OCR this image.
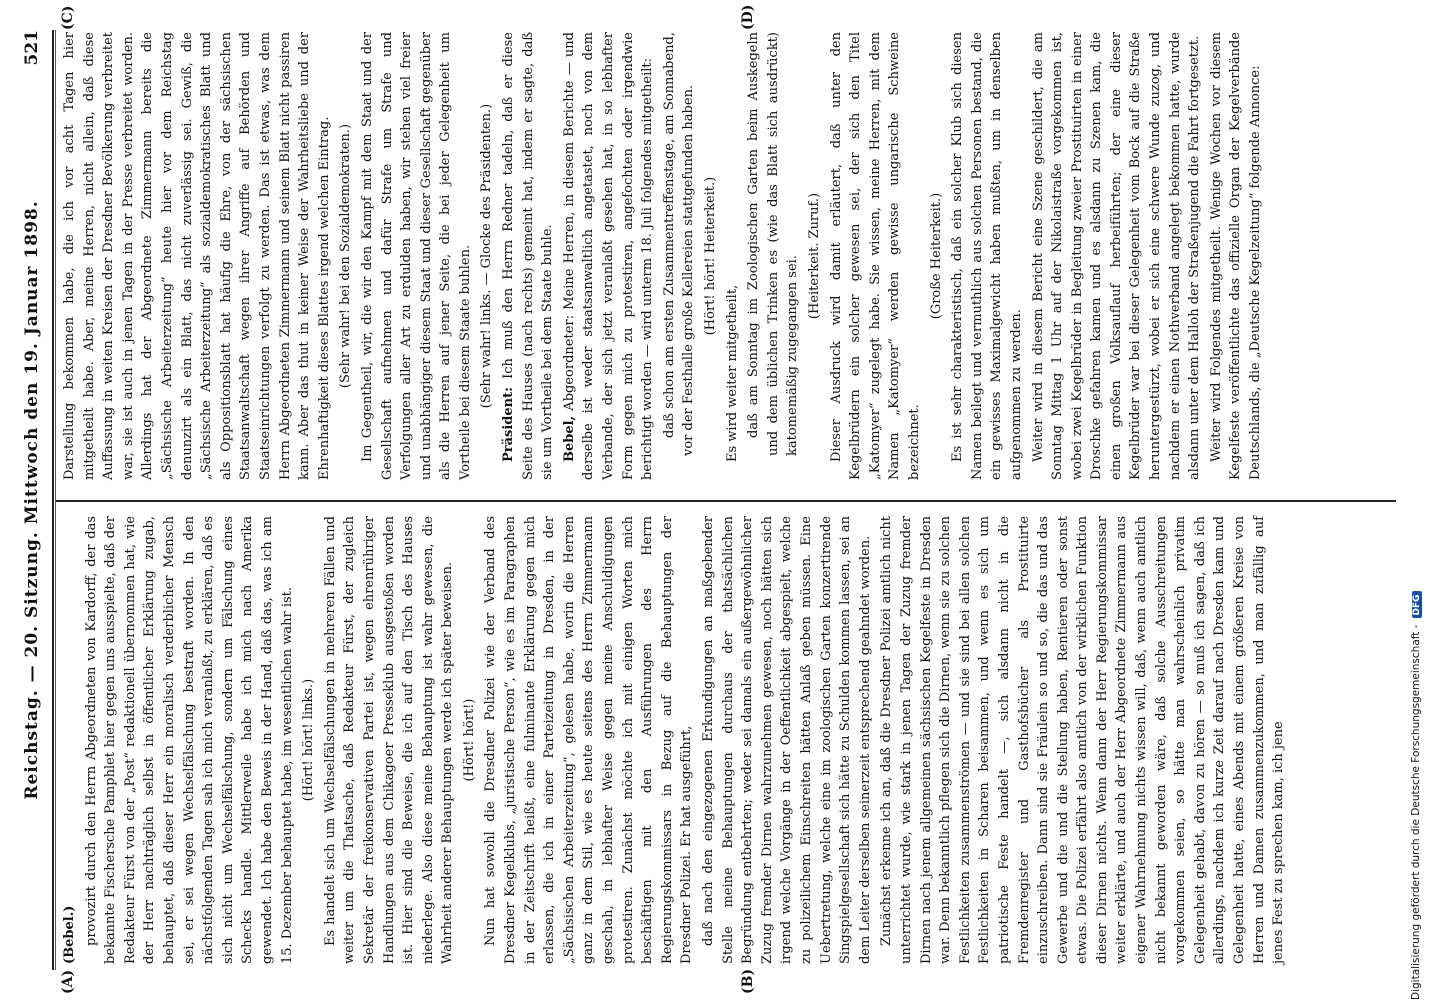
Reichstag. — 20. Sitzung. Mittwoch den 19. Januar 1898.
521
(A)	(B)
(C)	(D)

(Bebel.) provozirt durch den Herrn Abgeordneten von Kardorff, der das bekannte Fischersche Pamphlet hier gegen uns ausspielte, daß der Redakteur Fürst von der „Post“ redaktionell übernommen hat, wie der Herr nachträglich selbst in öffentlicher Erklärung zugab, behauptet, daß dieser Herr ein moralisch verderblicher Mensch sei, er sei wegen Wechselfälschung bestraft worden. In den nächstfolgenden Tagen sah ich mich veranlaßt, zu erklären, daß es sich nicht um Wechselfälschung, sondern um Fälschung eines Schecks handle. Mittlerweile habe ich mich nach Amerika gewendet. Ich habe den Beweis in der Hand, daß das, was ich am 15. Dezember behauptet habe, im wesentlichen wahr ist. (Hört! hört! links.) Es handelt sich um Wechselfälschungen in mehreren Fällen und weiter um die Thatsache, daß Redakteur Fürst, der zugleich Sekretär der freikonservativen Partei ist, wegen ehrenrühriger Handlungen aus dem Chikagoer Presseklub ausgestoßen worden ist. Hier sind die Beweise, die ich auf den Tisch des Hauses niederlege. Also diese meine Behauptung ist wahr gewesen, die Wahrheit anderer Behauptungen werde ich später beweisen. (Hört! hört!) Nun hat sowohl die Dresdner Polizei wie der Verband des Dresdner Kegelklubs, „juristische Person“, wie es im Paragraphen in der Zeitschrift heißt, eine fulminante Erklärung gegen mich erlassen, die ich in einer Parteizeitung in Dresden, in der „Sächsischen Arbeiterzeitung“, gelesen habe, worin die Herren ganz in dem Stil, wie es heute seitens des Herrn Zimmermann geschah, in lebhafter Weise gegen meine Anschuldigungen protestiren. Zunächst möchte ich mit einigen Worten mich beschäftigen mit den Ausführungen des Herrn Regierungskommissars in Bezug auf die Behauptungen der Dresdner Polizei. Er hat ausgeführt, daß nach den eingezogenen Erkundigungen an maßgebender Stelle meine Behauptungen durchaus der thatsächlichen Begründung entbehrten; weder sei damals ein außergewöhnlicher Zuzug fremder Dirnen wahrzunehmen gewesen, noch hätten sich irgend welche Vorgänge in der Oeffentlichkeit abgespielt, welche zu polizeilichem Einschreiten hätten Anlaß geben müssen. Eine Uebertretung, welche eine im zoologischen Garten konzertirende Singspielgesellschaft sich hätte zu Schulden kommen lassen, sei an dem Leiter derselben seinerzeit entsprechend geahndet worden. Zunächst erkenne ich an, daß die Dresdner Polizei amtlich nicht unterrichtet wurde, wie stark in jenen Tagen der Zuzug fremder Dirnen nach jenem allgemeinen sächsischen Kegelfeste in Dresden war. Denn bekanntlich pflegen sich die Dirnen, wenn sie zu solchen Festlichkeiten zusammenströmen — und sie sind bei allen solchen Festlichkeiten in Scharen beisammen, und wenn es sich um patriotische Feste handelt —, sich alsdann nicht in die Fremdenregister und Gasthofsbücher als Prostituirte einzuschreiben. Dann sind sie Fräulein so und so, die das und das Gewerbe und die und die Stellung haben, Rentieren oder sonst etwas. Die Polizei erfährt also amtlich von der wirklichen Funktion dieser Dirnen nichts. Wenn dann der Herr Regierungskommissar weiter erklärte, und auch der Herr Abgeordnete Zimmermann aus eigener Wahrnehmung nichts wissen will, daß, wenn auch amtlich nicht bekannt geworden wäre, daß solche Ausschreitungen vorgekommen seien, so hätte man wahrscheinlich privatim Gelegenheit gehabt, davon zu hören — so muß ich sagen, daß ich allerdings, nachdem ich kurze Zeit darauf nach Dresden kam und Gelegenheit hatte, eines Abends mit einem größeren Kreise von Herren und Damen zusammenzukommen, und man zufällig auf jenes Fest zu sprechen kam, ich jene

Darstellung bekommen habe, die ich vor acht Tagen hier mitgetheilt habe. Aber, meine Herren, nicht allein, daß diese Auffassung in weiten Kreisen der Dresdner Bevölkerung verbreitet war, sie ist auch in jenen Tagen in der Presse verbreitet worden. Allerdings hat der Abgeordnete Zimmermann bereits die „Sächsische Arbeiterzeitung“ heute hier vor dem Reichstag denunzirt als ein Blatt, das nicht zuverlässig sei. Gewiß, die „Sächsische Arbeiterzeitung“ als sozialdemokratisches Blatt und als Oppositionsblatt hat häufig die Ehre, von der sächsischen Staatsanwaltschaft wegen ihrer Angriffe auf Behörden und Staatseinrichtungen verfolgt zu werden. Das ist etwas, was dem Herrn Abgeordneten Zimmermann und seinem Blatt nicht passiren kann. Aber das thut in keiner Weise der Wahrheitsliebe und der Ehrenhaftigkeit dieses Blattes irgend welchen Eintrag. (Sehr wahr! bei den Sozialdemokraten.) Im Gegentheil, wir, die wir den Kampf mit dem Staat und der Gesellschaft aufnehmen und dafür Strafe um Strafe und Verfolgungen aller Art zu erdulden haben, wir stehen viel freier und unabhängiger diesem Staat und dieser Gesellschaft gegenüber als die Herren auf jener Seite, die bei jeder Gelegenheit um Vortheile bei diesem Staate buhlen. (Sehr wahr! links. — Glocke des Präsidenten.)

Präsident: Ich muß den Herrn Redner tadeln, daß er diese Seite des Hauses (nach rechts) gemeint hat, indem er sagte, daß sie um Vortheile bei dem Staate buhle. Bebel, Abgeordneter: Meine Herren, in diesem Berichte — und derselbe ist weder staatsanwaltlich angetastet, noch von dem Verbande, der sich jetzt veranlaßt gesehen hat, in so lebhafter Form gegen mich zu protestiren, angefochten oder irgendwie berichtigt worden — wird unterm 18. Juli folgendes mitgetheilt: daß schon am ersten Zusammentreffenstage, am Sonnabend, vor der Festhalle große Kellereien stattgefunden haben. (Hört! hört! Heiterkeit.)

Es wird weiter mitgetheilt, daß am Sonntag im Zoologischen Garten beim Auskegeln und dem üblichen Trinken es (wie das Blatt sich ausdrückt) katomemäßig zugegangen sei. (Heiterkeit. Zuruf.) Dieser Ausdruck wird damit erläutert, daß unter den Kegelbrüdern ein solcher gewesen sei, der sich den Titel „Katomyer“ zugelegt habe. Sie wissen, meine Herren, mit dem Namen „Katomyer“ werden gewisse ungarische Schweine bezeichnet.

(Große Heiterkeit.) Es ist sehr charakteristisch, daß ein solcher Klub sich diesen Namen beilegt und vermuthlich aus solchen Personen bestand, die ein gewisses Maximalgewicht haben mußten, um in denselben aufgenommen zu werden. Weiter wird in diesem Bericht eine Szene geschildert, die am Sonntag Mittag 1 Uhr auf der Nikolaistraße vorgekommen ist, wobei zwei Kegelbrüder in Begleitung zweier Prostituirten in einer Droschke gefahren kamen und es alsdann zu Szenen kam, die einen großen Volksauflauf herbeiführten; der eine dieser Kegelbrüder war bei dieser Gelegenheit vom Bock auf die Straße heruntergestürzt, wobei er sich eine schwere Wunde zuzog, und nachdem er einen Nothverband angelegt bekommen hatte, wurde alsdann unter dem Halloh der Straßenjugend die Fahrt fortgesetzt. Weiter wird Folgendes mitgetheilt. Wenige Wochen vor diesem Kegelfeste veröffentlichte das offizielle Organ der Kegelverbände Deutschlands, die „Deutsche Kegelzeitung“ folgende Annonce:

Digitalisierung gefördert durch die Deutsche Forschungsgemeinschaft -DFG
